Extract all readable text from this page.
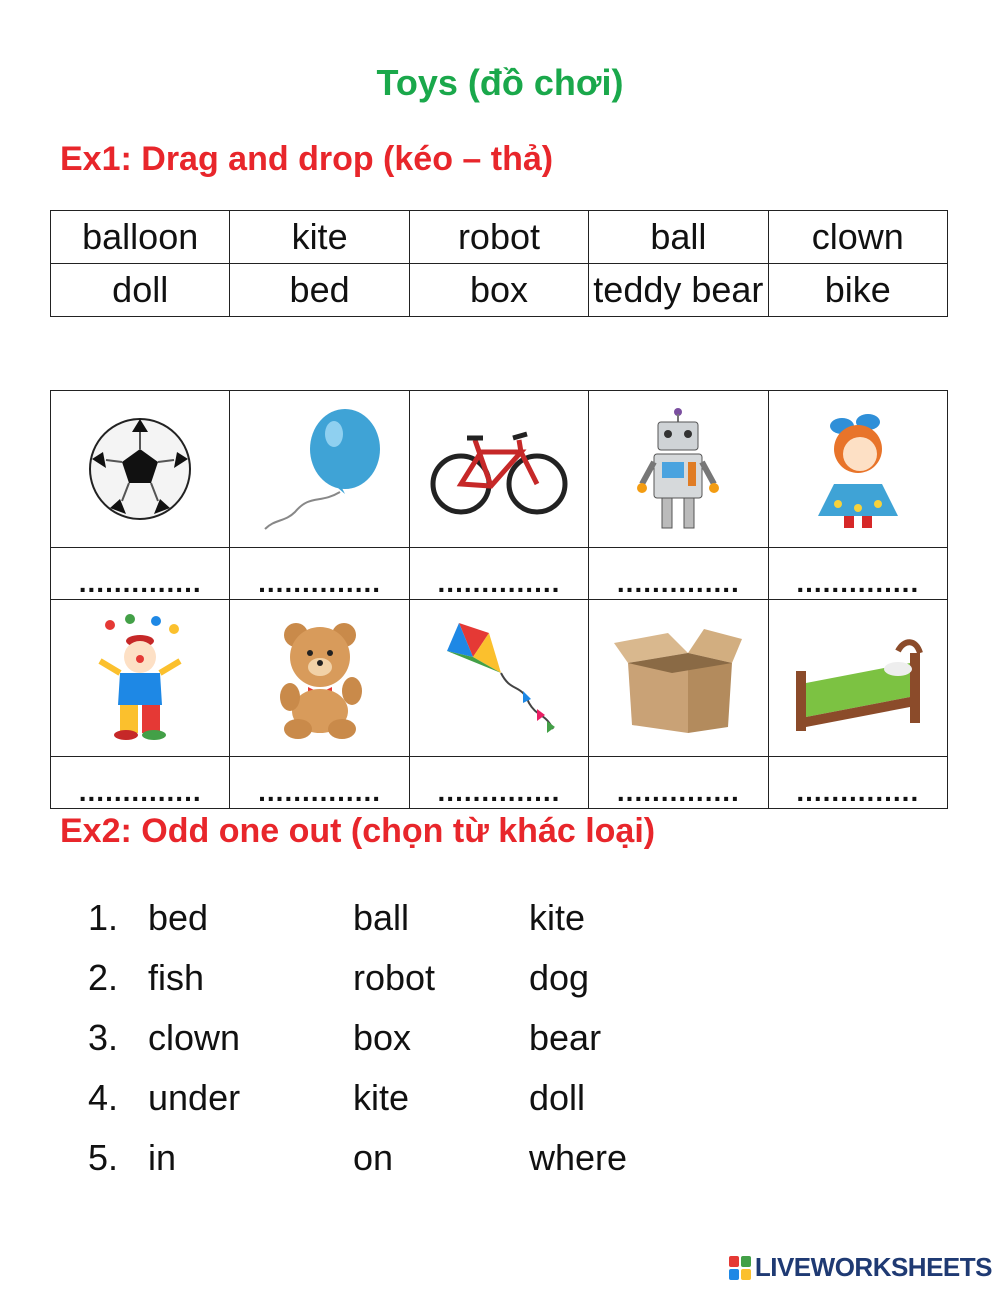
Toys (đồ chơi)
Ex1: Drag and drop (kéo – thả)
balloon	kite	robot	ball	clown
doll	bed	box	teddy bear	bike

..............	..............	..............	..............	..............

..............	..............	..............	..............	..............
Ex2: Odd one out (chọn từ khác loại)
1. bed	ball	kite
2. fish	robot	dog
3. clown	box	bear
4. under	kite	doll
5. in	on	where
LIVEWORKSHEETS
